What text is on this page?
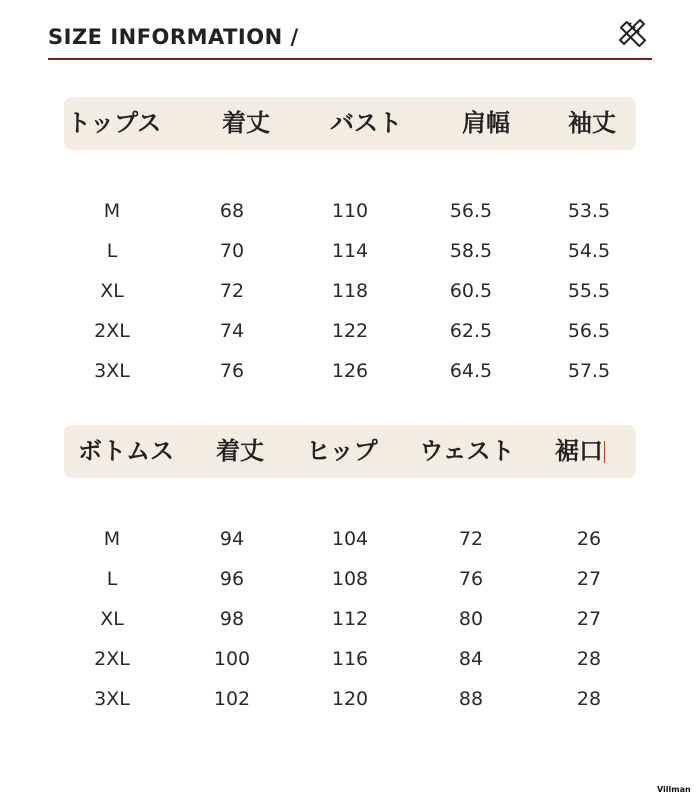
SIZE INFORMATION /
トップス	着丈	バスト	肩幅 袖丈
M	68	110	56.5	53.5
L	70	114	58.5	54.5
XL	72	118	60.5	55.5
2XL	74	122	62.5	56.5
3XL	76	126	64.5	57.5
ボトムス 着丈 ヒップ ウェスト 裾口
M	94	104	72	26
L	96	108	76	27
XL	98	112	80	27
2XL	100	116	84	28
3XL	102	120	88	28
Villman
